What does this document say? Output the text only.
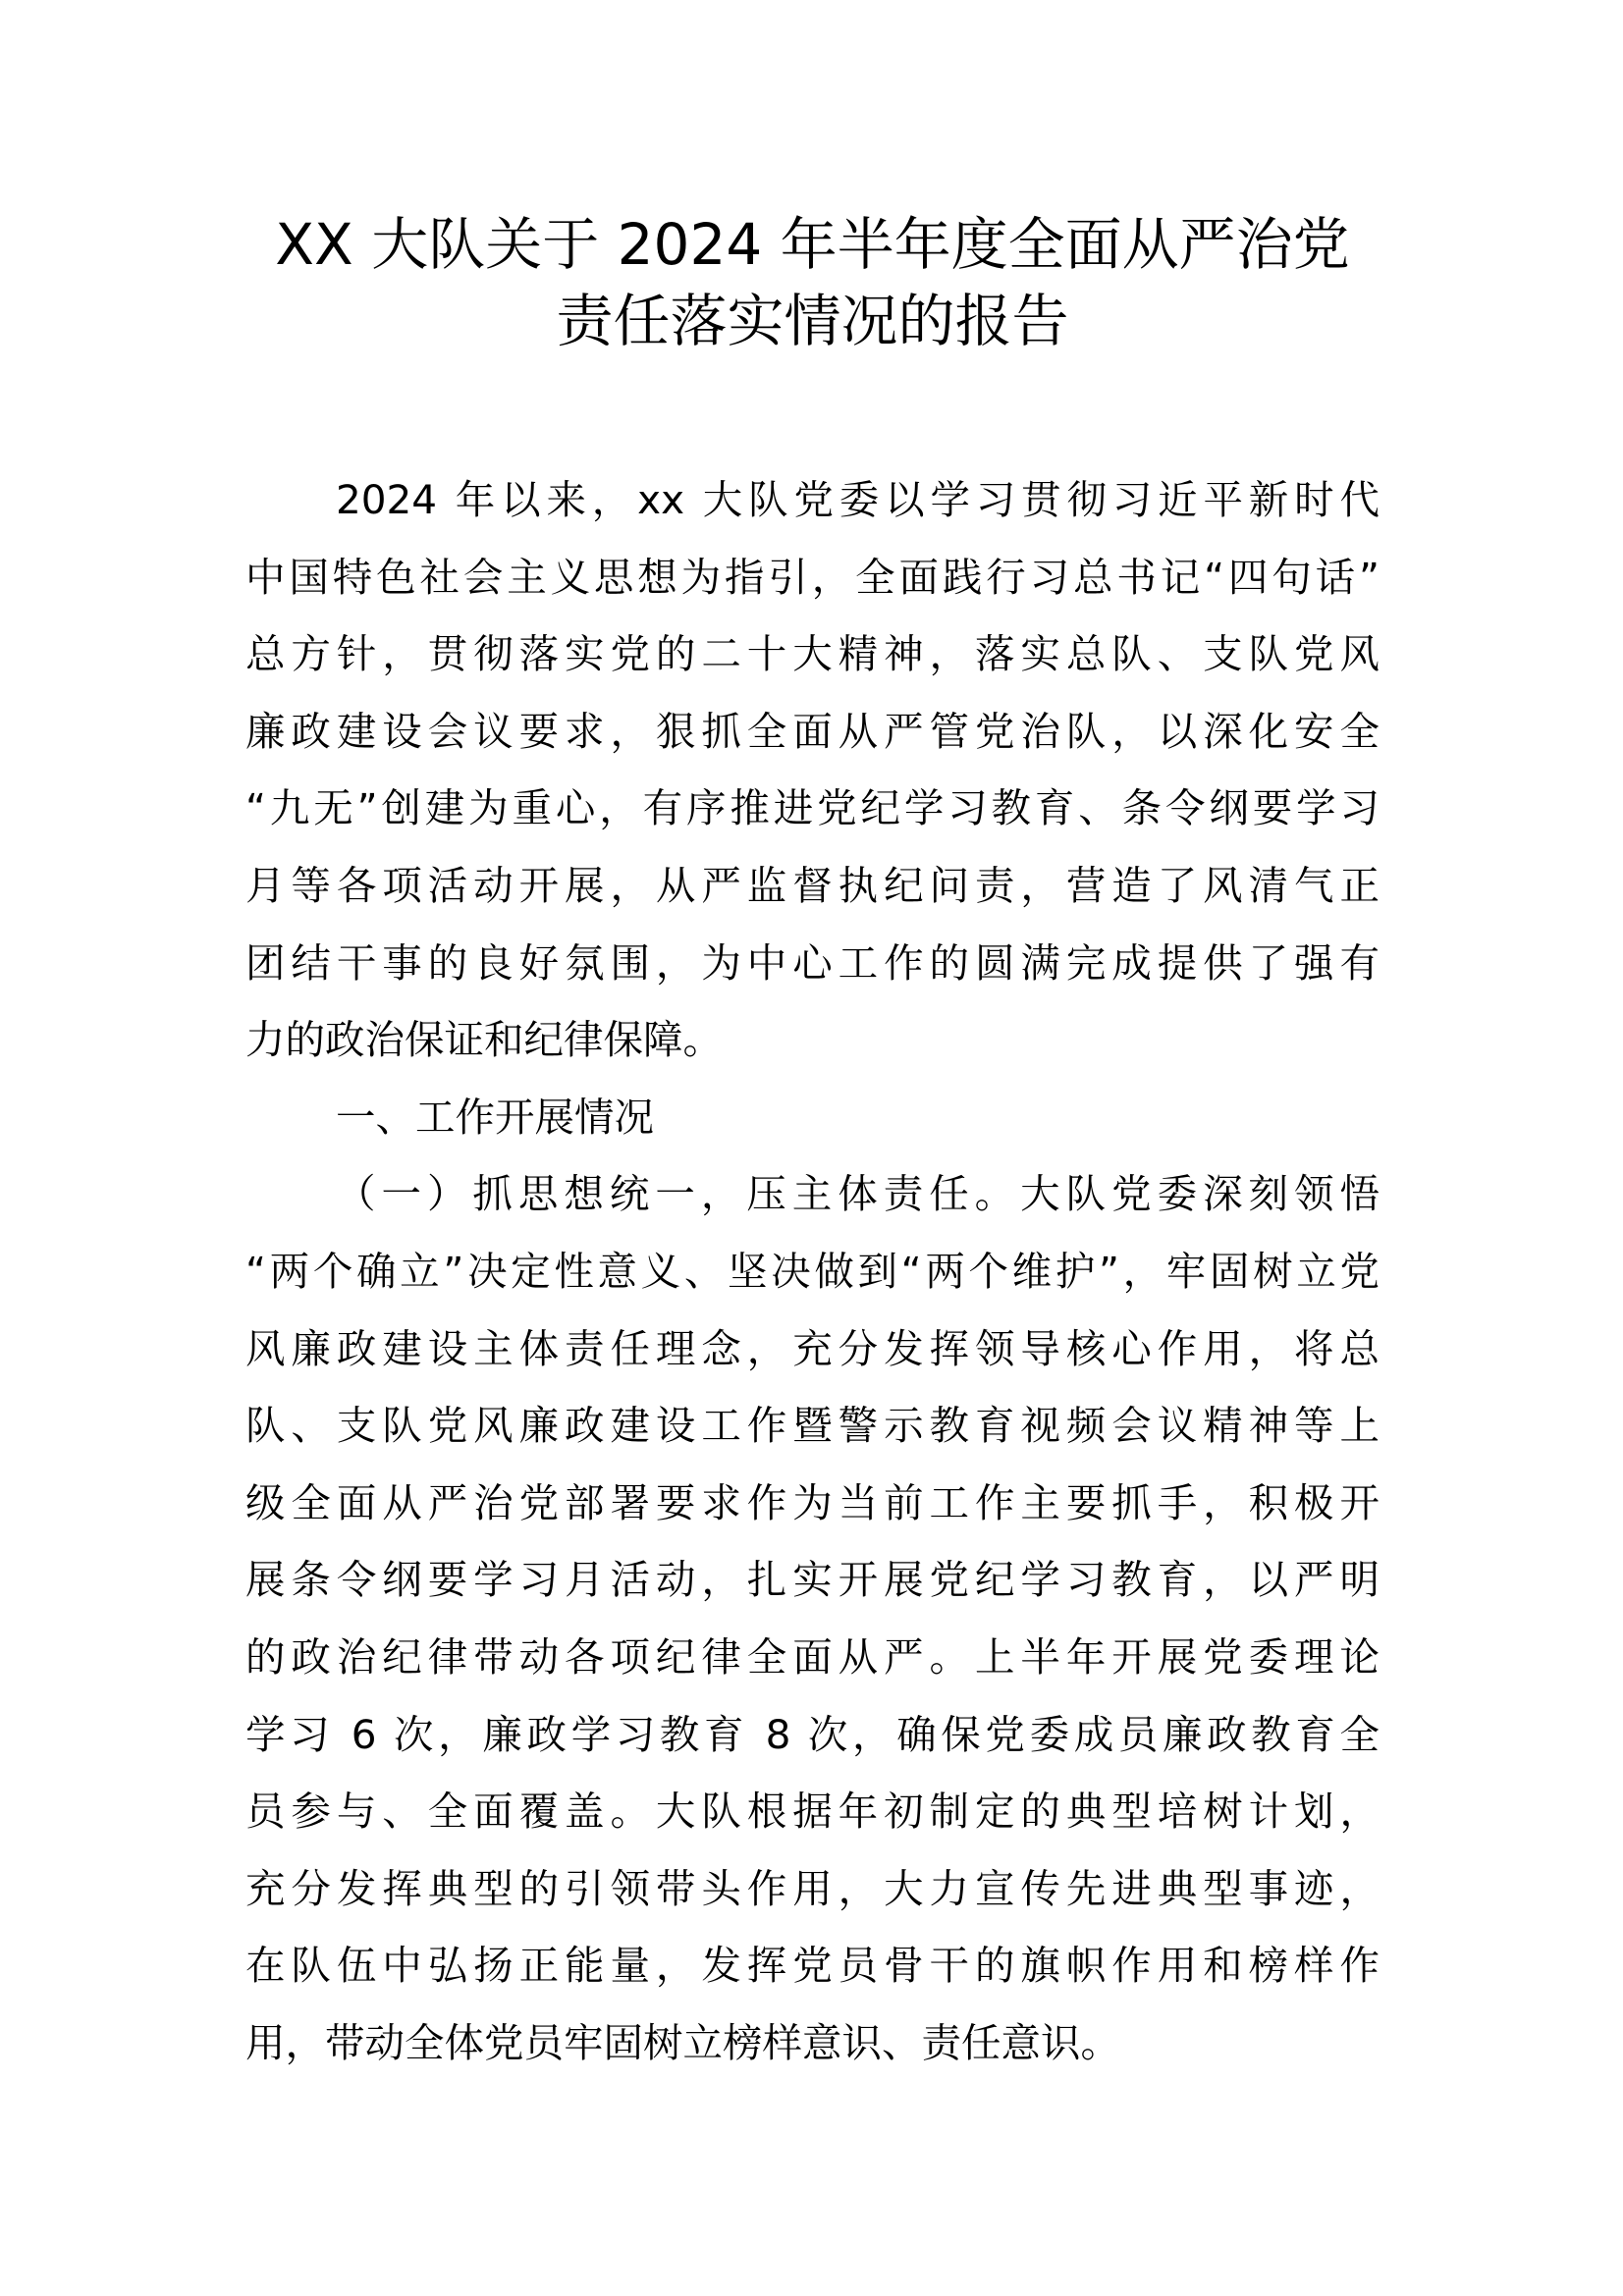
XX 大队关于 2024 年半年度全面从严治党
责任落实情况的报告
2024 年以来，xx 大队党委以学习贯彻习近平新时代
中国特色社会主义思想为指引，全面践行习总书记“四句话”
总方针，贯彻落实党的二十大精神，落实总队、支队党风
廉政建设会议要求，狠抓全面从严管党治队，以深化安全
“九无”创建为重心，有序推进党纪学习教育、条令纲要学习
月等各项活动开展，从严监督执纪问责，营造了风清气正
团结干事的良好氛围，为中心工作的圆满完成提供了强有
力的政治保证和纪律保障。
一、工作开展情况
（一）抓思想统一，压主体责任。大队党委深刻领悟
“两个确立”决定性意义、坚决做到“两个维护”，牢固树立党
风廉政建设主体责任理念，充分发挥领导核心作用，将总
队、支队党风廉政建设工作暨警示教育视频会议精神等上
级全面从严治党部署要求作为当前工作主要抓手，积极开
展条令纲要学习月活动，扎实开展党纪学习教育，以严明
的政治纪律带动各项纪律全面从严。上半年开展党委理论
学习 6 次，廉政学习教育 8 次，确保党委成员廉政教育全
员参与、全面覆盖。大队根据年初制定的典型培树计划，
充分发挥典型的引领带头作用，大力宣传先进典型事迹，
在队伍中弘扬正能量，发挥党员骨干的旗帜作用和榜样作
用，带动全体党员牢固树立榜样意识、责任意识。
